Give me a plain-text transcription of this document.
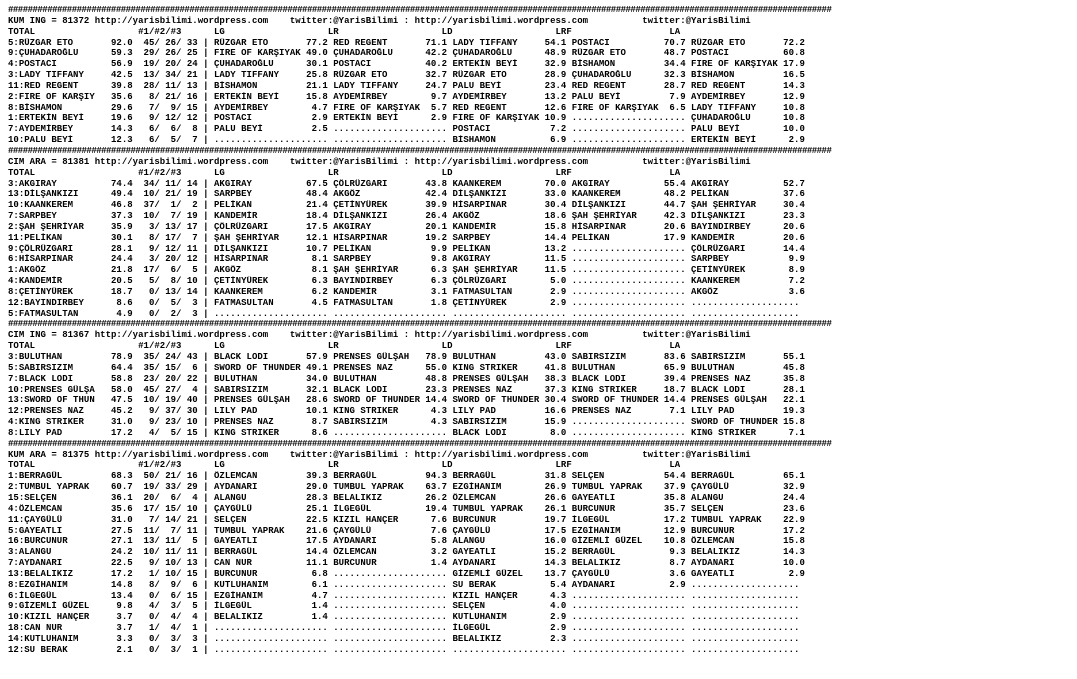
########################################################################################################################################################################
KUM ING = 81372 http://yarisbilimi.wordpress.com    twitter:@YarisBilimi : http://yarisbilimi.wordpress.com          twitter:@YarisBilimi
TOTAL                   #1/#2/#3      LG                   LR                   LD                   LRF                  LA
5:RÜZGAR ETO       92.0  45/ 26/ 33 | RÜZGAR ETO       77.2 RED REGENT       71.1 LADY TIFFANY     54.1 POSTACI          70.7 RÜZGAR ETO       72.2
9:ÇUHADAROĞLU      59.3  29/ 26/ 25 | FIRE OF KARŞIYAK 49.0 ÇUHADAROĞLU      42.2 ÇUHADAROĞLU      48.9 RÜZGAR ETO       48.7 POSTACI          60.8
4:POSTACI          56.9  19/ 20/ 24 | ÇUHADAROĞLU      30.1 POSTACI          40.2 ERTEKİN BEYİ     32.9 BİSHAMON         34.4 FIRE OF KARŞIYAK 17.9
3:LADY TIFFANY     42.5  13/ 34/ 21 | LADY TIFFANY     25.8 RÜZGAR ETO       32.7 RÜZGAR ETO       28.9 ÇUHADAROĞLU      32.3 BİSHAMON         16.5
11:RED REGENT      39.8  28/ 11/ 13 | BİSHAMON         21.1 LADY TIFFANY     24.7 PALU BEYİ        23.4 RED REGENT       28.7 RED REGENT       14.3
2:FIRE OF KARŞIY   35.6   8/ 21/ 16 | ERTEKİN BEYİ     15.8 AYDEMİRBEY        9.7 AYDEMİRBEY       13.2 PALU BEYİ         7.9 AYDEMİRBEY       12.9
8:BİSHAMON         29.6   7/  9/ 15 | AYDEMİRBEY        4.7 FIRE OF KARŞIYAK  5.7 RED REGENT       12.6 FIRE OF KARŞIYAK  6.5 LADY TIFFANY     10.8
1:ERTEKİN BEYİ     19.6   9/ 12/ 12 | POSTACI           2.9 ERTEKİN BEYİ      2.9 FIRE OF KARŞIYAK 10.9 ..................... ÇUHADAROĞLU      10.8
7:AYDEMİRBEY       14.3   6/  6/  8 | PALU BEYİ         2.5 ..................... POSTACI           7.2 ..................... PALU BEYİ        10.0
10:PALU BEYİ       12.3   6/  5/  7 | ..................... ..................... BİSHAMON          6.9 ..................... ERTEKİN BEYİ      2.9
########################################################################################################################################################################
CIM ARA = 81381 http://yarisbilimi.wordpress.com    twitter:@YarisBilimi : http://yarisbilimi.wordpress.com          twitter:@YarisBilimi
TOTAL                   #1/#2/#3      LG                   LR                   LD                   LRF                  LA
3:AKGIRAY          74.4  34/ 11/ 14 | AKGIRAY          67.5 ÇÖLRÜZGARI       43.8 KAANKEREM        70.0 AKGIRAY          55.4 AKGIRAY          52.7
13:DİLŞANKIZI      49.4  10/ 21/ 19 | SARPBEY          48.4 AKGÖZ            42.4 DİLŞANKIZI       33.0 KAANKEREM        48.2 PELİKAN          37.6
10:KAANKEREM       46.8  37/  1/  2 | PELİKAN          21.4 ÇETİNYÜREK       39.9 HİSARPINAR       30.4 DİLŞANKIZI       44.7 ŞAH ŞEHRİYAR     30.4
7:SARPBEY          37.3  10/  7/ 19 | KANDEMİR         18.4 DİLŞANKIZI       26.4 AKGÖZ            18.6 ŞAH ŞEHRİYAR     42.3 DİLŞANKIZI       23.3
2:ŞAH ŞEHRİYAR     35.9   3/ 13/ 17 | ÇÖLRÜZGARI       17.5 AKGIRAY          20.1 KANDEMİR         15.8 HİSARPINAR       20.6 BAYINDIRBEY      20.6
11:PELİKAN         30.1   8/ 17/  7 | ŞAH ŞEHRİYAR     12.1 HİSARPINAR       19.2 SARPBEY          14.4 PELİKAN          17.9 KANDEMİR         20.6
9:ÇÖLRÜZGARI       28.1   9/ 12/ 11 | DİLŞANKIZI       10.7 PELİKAN           9.9 PELİKAN          13.2 ..................... ÇÖLRÜZGARI       14.4
6:HİSARPINAR       24.4   3/ 20/ 12 | HİSARPINAR        8.1 SARPBEY           9.8 AKGIRAY          11.5 ..................... SARPBEY           9.9
1:AKGÖZ            21.8  17/  6/  5 | AKGÖZ             8.1 ŞAH ŞEHRİYAR      6.3 ŞAH ŞEHRİYAR     11.5 ..................... ÇETİNYÜREK        8.9
4:KANDEMİR         20.5   5/  8/ 10 | ÇETİNYÜREK        6.3 BAYINDIRBEY       6.3 ÇÖLRÜZGARI        5.0 ..................... KAANKEREM         7.2
8:ÇETİNYÜREK       18.7   0/ 13/ 14 | KAANKEREM         6.2 KANDEMİR          3.1 FATMASULTAN       2.9 ..................... AKGÖZ             3.6
12:BAYINDIRBEY      8.6   0/  5/  3 | FATMASULTAN       4.5 FATMASULTAN       1.8 ÇETİNYÜREK        2.9 ..................... ....................
5:FATMASULTAN       4.9   0/  2/  3 | ..................... ..................... ..................... ..................... ....................
########################################################################################################################################################################
CIM ING = 81367 http://yarisbilimi.wordpress.com    twitter:@YarisBilimi : http://yarisbilimi.wordpress.com          twitter:@YarisBilimi
TOTAL                   #1/#2/#3      LG                   LR                   LD                   LRF                  LA
3:BULUTHAN         78.9  35/ 24/ 43 | BLACK LODI       57.9 PRENSES GÜLŞAH   78.9 BULUTHAN         43.0 SABIRSIZIM       83.6 SABIRSIZIM       55.1
5:SABIRSIZIM       64.4  35/ 15/  6 | SWORD OF THUNDER 49.1 PRENSES NAZ      55.0 KING STRIKER     41.8 BULUTHAN         65.9 BULUTHAN         45.8
7:BLACK LODI       58.8  23/ 20/ 22 | BULUTHAN         34.0 BULUTHAN         48.8 PRENSES GÜLŞAH   38.3 BLACK LODI       39.4 PRENSES NAZ      35.8
10:PRENSES GÜLŞA   58.0  45/ 27/  4 | SABIRSIZIM       32.1 BLACK LODI       23.3 PRENSES NAZ      37.3 KING STRIKER     18.7 BLACK LODI       28.1
13:SWORD OF THUN   47.5  10/ 19/ 40 | PRENSES GÜLŞAH   28.6 SWORD OF THUNDER 14.4 SWORD OF THUNDER 30.4 SWORD OF THUNDER 14.4 PRENSES GÜLŞAH   22.1
12:PRENSES NAZ     45.2   9/ 37/ 30 | LILY PAD         10.1 KING STRIKER      4.3 LILY PAD         16.6 PRENSES NAZ       7.1 LILY PAD         19.3
4:KING STRIKER     31.0   9/ 23/ 10 | PRENSES NAZ       8.7 SABIRSIZIM        4.3 SABIRSIZIM       15.9 ..................... SWORD OF THUNDER 15.8
8:LILY PAD         17.2   4/  5/ 15 | KING STRIKER      8.6 ..................... BLACK LODI        8.0 ..................... KING STRIKER      7.1
########################################################################################################################################################################
KUM ARA = 81375 http://yarisbilimi.wordpress.com    twitter:@YarisBilimi : http://yarisbilimi.wordpress.com          twitter:@YarisBilimi
TOTAL                   #1/#2/#3      LG                   LR                   LD                   LRF                  LA
1:BERRAGÜL         68.3  50/ 21/ 16 | ÖZLEMCAN         39.3 BERRAGÜL         94.3 BERRAGÜL         31.8 SELÇEN           54.4 BERRAGÜL         65.1
2:TUMBUL YAPRAK    60.7  19/ 33/ 29 | AYDANARI         29.0 TUMBUL YAPRAK    63.7 EZGİHANIM        26.9 TUMBUL YAPRAK    37.9 ÇAYGÜLÜ          32.9
15:SELÇEN          36.1  20/  6/  4 | ALANGU           28.3 BELALIKIZ        26.2 ÖZLEMCAN         26.6 GAYEATLI         35.8 ALANGU           24.4
4:ÖZLEMCAN         35.6  17/ 15/ 10 | ÇAYGÜLÜ          25.1 İLGEGÜL          19.4 TUMBUL YAPRAK    26.1 BURCUNUR         35.7 SELÇEN           23.6
11:ÇAYGÜLÜ         31.0   7/ 14/ 21 | SELÇEN           22.5 KIZIL HANÇER      7.6 BURCUNUR         19.7 İLGEGÜL          17.2 TUMBUL YAPRAK    22.9
5:GAYEATLI         27.5  11/  7/ 11 | TUMBUL YAPRAK    21.6 ÇAYGÜLÜ           7.6 ÇAYGÜLÜ          17.5 EZGİHANIM        12.9 BURCUNUR         17.2
16:BURCUNUR        27.1  13/ 11/  5 | GAYEATLI         17.5 AYDANARI          5.8 ALANGU           16.0 GİZEMLİ GÜZEL    10.8 ÖZLEMCAN         15.8
3:ALANGU           24.2  10/ 11/ 11 | BERRAGÜL         14.4 ÖZLEMCAN          3.2 GAYEATLI         15.2 BERRAGÜL          9.3 BELALIKIZ        14.3
7:AYDANARI         22.5   9/ 10/ 13 | CAN NUR          11.1 BURCUNUR          1.4 AYDANARI         14.3 BELALIKIZ         8.7 AYDANARI         10.0
13:BELALIKIZ       17.2   1/ 10/ 15 | BURCUNUR          6.8 ..................... GİZEMLİ GÜZEL    13.7 ÇAYGÜLÜ           3.6 GAYEATLI          2.9
8:EZGİHANIM        14.8   8/  9/  6 | KUTLUHANIM        6.1 ..................... SU BERAK          5.4 AYDANARI          2.9 ....................
6:İLGEGÜL          13.4   0/  6/ 15 | EZGİHANIM         4.7 ..................... KIZIL HANÇER      4.3 ..................... ....................
9:GİZEMLİ GÜZEL     9.8   4/  3/  5 | İLGEGÜL           1.4 ..................... SELÇEN            4.0 ..................... ....................
10:KIZIL HANÇER     3.7   0/  4/  4 | BELALIKIZ         1.4 ..................... KUTLUHANIM        2.9 ..................... ....................
18:CAN NUR          3.7   1/  4/  1 | ..................... ..................... İLGEGÜL           2.9 ..................... ....................
14:KUTLUHANIM       3.3   0/  3/  3 | ..................... ..................... BELALIKIZ         2.3 ..................... ....................
12:SU BERAK         2.1   0/  3/  1 | ..................... ..................... ..................... ..................... ....................
